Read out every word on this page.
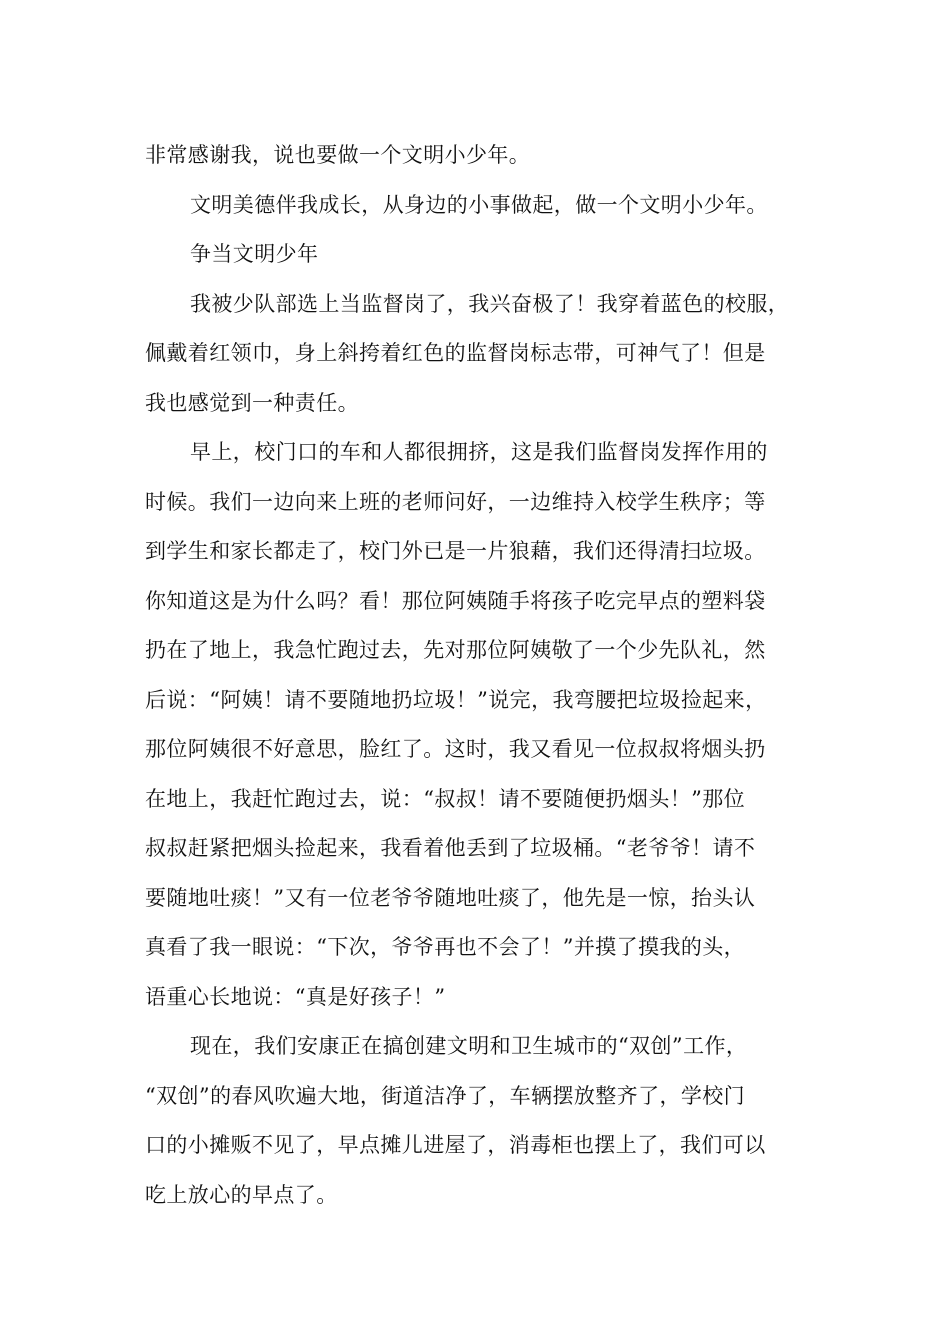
非常感谢我，说也要做一个文明小少年。
文明美德伴我成长，从身边的小事做起，做一个文明小少年。
争当文明少年
我被少队部选上当监督岗了，我兴奋极了！我穿着蓝色的校服，
佩戴着红领巾，身上斜挎着红色的监督岗标志带，可神气了！但是
我也感觉到一种责任。
早上，校门口的车和人都很拥挤，这是我们监督岗发挥作用的
时候。我们一边向来上班的老师问好，一边维持入校学生秩序；等
到学生和家长都走了，校门外已是一片狼藉，我们还得清扫垃圾。
你知道这是为什么吗？看！那位阿姨随手将孩子吃完早点的塑料袋
扔在了地上，我急忙跑过去，先对那位阿姨敬了一个少先队礼，然
后说：“阿姨！请不要随地扔垃圾！”说完，我弯腰把垃圾捡起来，
那位阿姨很不好意思，脸红了。这时，我又看见一位叔叔将烟头扔
在地上，我赶忙跑过去，说：“叔叔！请不要随便扔烟头！”那位
叔叔赶紧把烟头捡起来，我看着他丢到了垃圾桶。“老爷爷！请不
要随地吐痰！”又有一位老爷爷随地吐痰了，他先是一惊，抬头认
真看了我一眼说：“下次，爷爷再也不会了！”并摸了摸我的头，
语重心长地说：“真是好孩子！”
现在，我们安康正在搞创建文明和卫生城市的“双创”工作，
“双创”的春风吹遍大地，街道洁净了，车辆摆放整齐了，学校门
口的小摊贩不见了，早点摊儿进屋了，消毒柜也摆上了，我们可以
吃上放心的早点了。
